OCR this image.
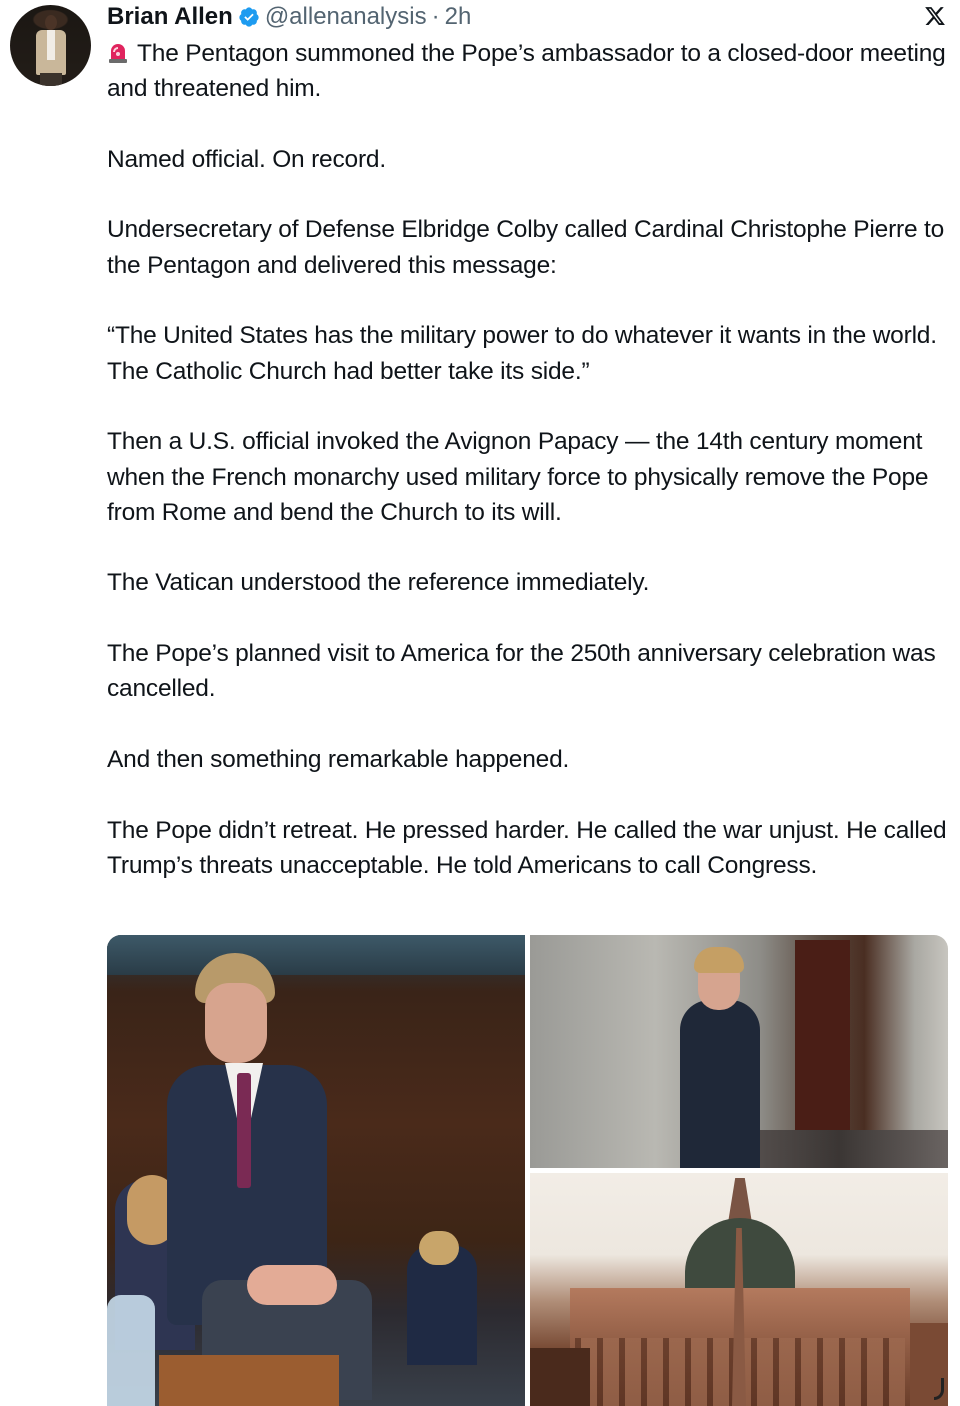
Brian Allen @allenanalysis · 2h

The Pentagon summoned the Pope’s ambassador to a closed-door meeting and threatened him.

Named official. On record.

Undersecretary of Defense Elbridge Colby called Cardinal Christophe Pierre to the Pentagon and delivered this message:

“The United States has the military power to do whatever it wants in the world. The Catholic Church had better take its side.”

Then a U.S. official invoked the Avignon Papacy — the 14th century moment when the French monarchy used military force to physically remove the Pope from Rome and bend the Church to its will.

The Vatican understood the reference immediately.

The Pope’s planned visit to America for the 250th anniversary celebration was cancelled.

And then something remarkable happened.

The Pope didn’t retreat. He pressed harder. He called the war unjust. He called Trump’s threats unacceptable. He told Americans to call Congress.
